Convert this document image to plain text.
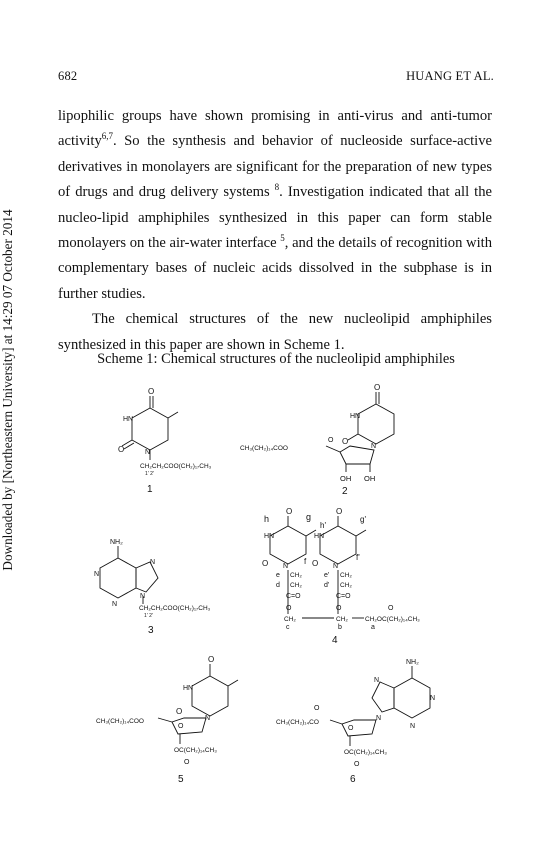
682	HUANG ET AL.
Downloaded by [Northeastern University] at 14:29 07 October 2014

lipophilic groups have shown promising in anti-virus and anti-tumor activity$^{6,7}$. So the synthesis and behavior of nucleoside surface-active derivatives in monolayers are significant for the preparation of new types of drugs and drug delivery systems $^8$. Investigation indicated that all the nucleo-lipid amphiphiles synthesized in this paper can form stable monolayers on the air-water interface $^5$, and the details of recognition with complementary bases of nucleic acids dissolved in the subphase is in further studies.

The chemical structures of the new nucleolipid amphiphiles synthesized in this paper are shown in Scheme 1.

Scheme 1: Chemical structures of the nucleolipid amphiphiles
O
O
HN
N
CH₂CH₂COO(CH₂)₁₇CH₃
1' 2'
1
O
HN
O
N
O
CH₃(CH₂)₁₄COO
OH OH
2
NH₂
N
N
N
N
CH₂CH₂COO(CH₂)₁₇CH₃
1' 2'
3
O	O
O	O
HN	HN
h	g
h'
g'
f	f'
N	N
e CH₂
d CH₂
e' CH₂
d' CH₂
C=O	C=O
O	O
CH₂	CH₂	CH₂OC(CH₂)₁₄CH₃
O
c	b	a
4
O
HN
O
N
O
CH₃(CH₂)₁₄COO
OC(CH₂)₁₄CH₃
O
5
NH₂
N
N
N
N
O
CH₃(CH₂)₁₄CO
O
OC(CH₂)₁₄CH₃
O
6
